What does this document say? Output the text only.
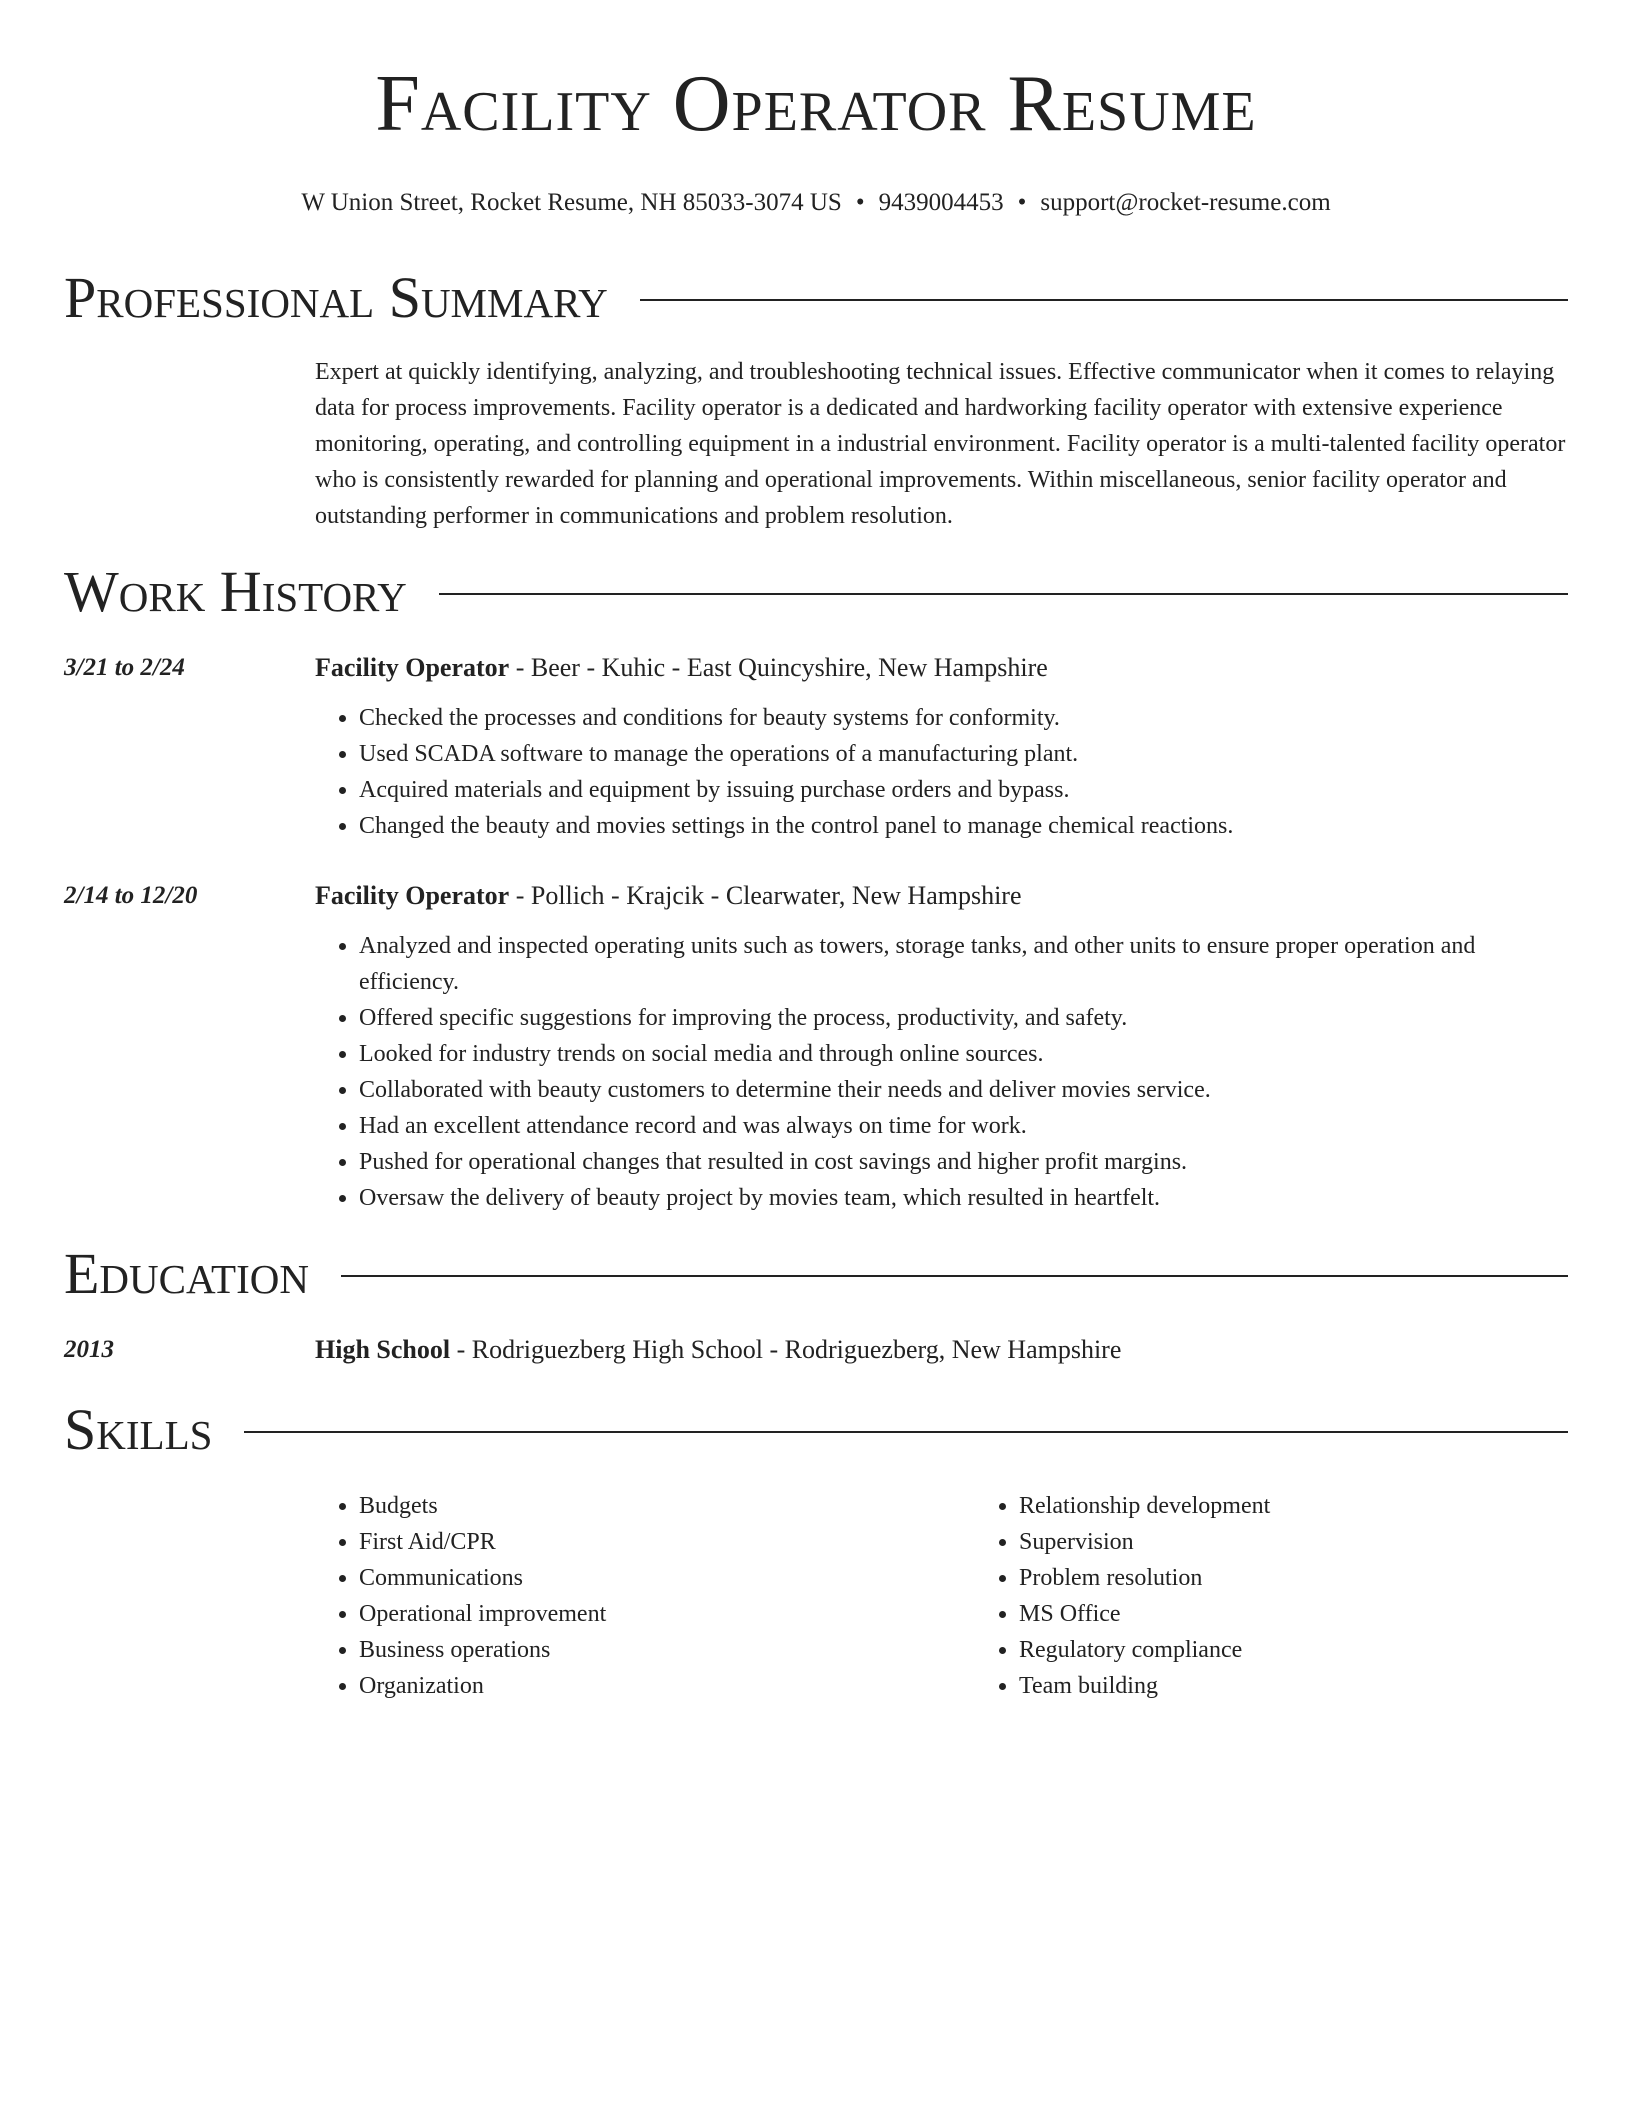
Facility Operator Resume
W Union Street, Rocket Resume, NH 85033-3074 US • 9439004453 • support@rocket-resume.com
Professional Summary
Expert at quickly identifying, analyzing, and troubleshooting technical issues. Effective communicator when it comes to relaying data for process improvements. Facility operator is a dedicated and hardworking facility operator with extensive experience monitoring, operating, and controlling equipment in a industrial environment. Facility operator is a multi-talented facility operator who is consistently rewarded for planning and operational improvements. Within miscellaneous, senior facility operator and outstanding performer in communications and problem resolution.
Work History
3/21 to 2/24	Facility Operator - Beer - Kuhic - East Quincyshire, New Hampshire
• Checked the processes and conditions for beauty systems for conformity.
• Used SCADA software to manage the operations of a manufacturing plant.
• Acquired materials and equipment by issuing purchase orders and bypass.
• Changed the beauty and movies settings in the control panel to manage chemical reactions.
2/14 to 12/20	Facility Operator - Pollich - Krajcik - Clearwater, New Hampshire
• Analyzed and inspected operating units such as towers, storage tanks, and other units to ensure proper operation and efficiency.
• Offered specific suggestions for improving the process, productivity, and safety.
• Looked for industry trends on social media and through online sources.
• Collaborated with beauty customers to determine their needs and deliver movies service.
• Had an excellent attendance record and was always on time for work.
• Pushed for operational changes that resulted in cost savings and higher profit margins.
• Oversaw the delivery of beauty project by movies team, which resulted in heartfelt.
Education
2013	High School - Rodriguezberg High School - Rodriguezberg, New Hampshire
Skills
• Budgets
• First Aid/CPR
• Communications
• Operational improvement
• Business operations
• Organization
• Relationship development
• Supervision
• Problem resolution
• MS Office
• Regulatory compliance
• Team building
